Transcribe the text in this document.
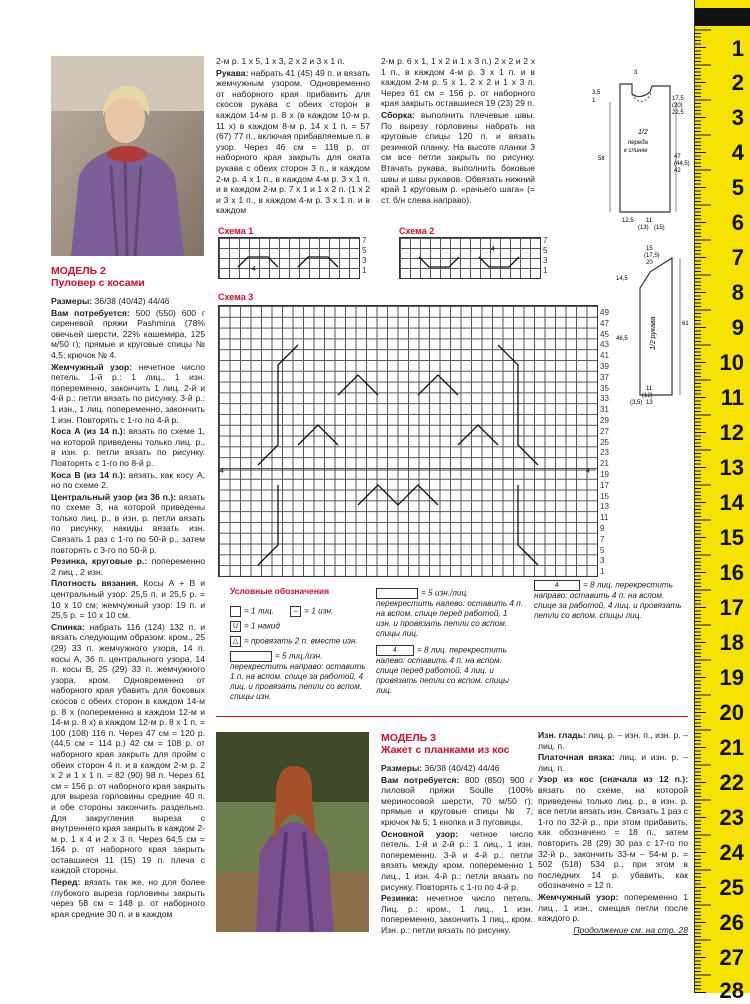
1
2
3
4
5
6
7
8
9
10
11
12
13
14
15
16
17
18
19
20
21
22
23
24
25
26
27
28
МОДЕЛЬ 2
Пуловер с косами

Размеры: 36/38 (40/42) 44/46

Вам потребуется: 500 (550) 600 г сиреневой пряжи Pashmina (78% овечьей шерсти, 22% кашемира, 125 м/50 г); прямые и круговые спицы № 4,5; крючок № 4.

Жемчужный узор: нечетное число петель. 1-й р.: 1 лиц., 1 изн. попеременно, закончить 1 лиц. 2-й и 4-й р.: петли вязать по рисунку. 3-й р.: 1 изн., 1 лиц. попеременно, закончить 1 изн. Повторять с 1-го по 4-й р.

Коса А (из 14 п.): вязать по схеме 1, на которой приведены только лиц. р., в изн. р. петли вязать по рисунку. Повторять с 1-го по 8-й р.

Коса В (из 14 п.): вязать, как косу А, но по схеме 2.

Центральный узор (из 36 п.): вязать по схеме 3, на которой приведены только лиц. р., в изн. р. петли вязать по рисунку, накиды вязать изн. Связать 1 раз с 1-го по 50-й р., затем повторять с 3-го по 50-й р.

Резинка, круговые р.: попеременно 2 лиц., 2 изн.

Плотность вязания. Косы А + В и центральный узор: 25,5 п. и 25,5 р. = 10 х 10 см; жемчужный узор: 19 п. и 25,5 р. = 10 х 10 см.

Спинка: набрать 116 (124) 132 п. и вязать следующим образом: кром., 25 (29) 33 п. жемчужного узора, 14 п. косы А, 36 п. центрального узора, 14 п. косы В, 25 (29) 33 п. жемчужного узора, кром. Одновременно от наборного края убавить для боковых скосов с обеих сторон в каждом 14-м р. 8 х (попеременно в каждом 12-м и 14-м р. 8 х) в каждом 12-м р. 8 х 1 п. = 100 (108) 116 п. Через 47 см = 120 р. (44,5 см = 114 р.) 42 см = 108 р. от наборного края закрыть для пройм с обеих сторон 4 п. и в каждом 2-м р. 2 х 2 и 1 х 1 п. = 82 (90) 98 п. Через 61 см = 156 р. от наборного края закрыть для выреза горловины средние 40 п. и обе стороны закончить раздельно. Для закругления выреза с внутреннего края закрыть в каждом 2-м р. 1 х 4 и 2 х 3 п. Через 64,5 см = 164 р. от наборного края закрыть оставшиеся 11 (15) 19 п. плеча с каждой стороны.

Перед: вязать так же, но для более глубокого выреза горловины закрыть через 58 см = 148 р. от наборного края средние 30 п. и в каждом

2-м р. 1 х 5, 1 х 3, 2 х 2 и 3 х 1 п.

Рукава: набрать 41 (45) 49 п. и вязать жемчужным узором. Одновременно от наборного края прибавить для скосов рукава с обеих сторон в каждом 14-м р. 8 х (в каждом 10-м р. 11 х) в каждом 8-м р. 14 х 1 п. = 57 (67) 77 п., включая прибавляемые п. в узор. Через 46 см = 118 р. от наборного края закрыть для оката рукава с обеих сторон 3 п., в каждом 2-м р. 4 х 1 п., в каждом 4-м р. 3 х 1 п. и в каждом 2-м р. 7 х 1 и 1 х 2 п. (1 х 2 и 3 х 1 п., в каждом 4-м р. 3 х 1 п. и в каждом

2-м р. 6 х 1, 1 х 2 и 1 х 3 п.) 2 х 2 и 2 х 1 п., в каждом 4-м р. 3 х 1 п. и в каждом 2-м р. 5 х 1, 2 х 2 и 1 х 3 п. Через 61 см = 156 р. от наборного края закрыть оставшиеся 19 (23) 29 п.

Сборка: выполнить плечевые швы. По вырезу горловины набрать на круговые спицы 120 п. и вязать резинкой планку. На высоте планки 3 см все петли закрыть по рисунку. Втачать рукава, выполнить боковые швы и швы рукавов. Обвязать нижний край 1 круговым р. «рачьего шага» (= ст. б/н слева направо).

3,5
1
3
17,5
(20)
22,5
58
1/2
переда
к спинке
47
(44,5)
42
12,5 11
(13) (15)
15
(17,5)
20
14,5
61
46,5	1/2 рукава
11
(12)
13
(3,5)
Схема 1
4
7
5
3
1
Схема 2
4
7
5
3
1
Схема 3
4	4
49
47
45
43
41
39
37
35
33
31
29
27
25
23
21
19
17
15
13
11
9
7
5
3
1
Условные обозначения
= 1 лиц.	– = 1 изн.
U = 1 накид
△ = провязать 2 п. вместе изн.
= 5 лиц./изн. перекрестить направо: оставить 1 п. на вспом. спице за работой, 4 лиц. и провязать петли со вспом. спицы изн.
= 5 изн./лиц. перекрестить налево: оставить 4 п. на вспом. спице перед работой, 1 изн. и провязать петли со вспом. спицы лиц.
4 = 8 лиц. перекрестить налево: оставить 4 п. на вспом. спице перед работой, 4 лиц. и провязать петли со вспом. спицы лиц.
4	= 8 лиц. перекрестить направо: оставить 4 п. на вспом. спице за работой, 4 лиц. и провязать петли со вспом. спицы лиц.
МОДЕЛЬ 3
Жакет с планками из кос

Размеры: 36/38 (40/42) 44/46

Вам потребуется: 800 (850) 900 г лиловой пряжи Soulle (100% мериносовой шерсти, 70 м/50 г); прямые и круговые спицы № 7; крючок № 5; 1 кнопка и 3 пуговицы.

Основной узор: четное число петель. 1-й и 2-й р.: 1 лиц., 1 изн. попеременно. 3-й и 4-й р.: петли вязать между кром. попеременно 1 лиц., 1 изн. 4-й р.: петли вязать по рисунку. Повторять с 1-го по 4-й р.

Резинка: нечетное число петель. Лиц. р.: кром., 1 лиц., 1 изн. попеременно, закончить 1 лиц., кром. Изн. р.: петли вязать по рисунку.

Изн. гладь: лиц. р. – изн. п., изн. р. – лиц. п.

Платочная вязка: лиц. и изн. р. – лиц. п.

Узор из кос (сначала из 12 п.): вязать по схеме, на которой приведены только лиц. р., в изн. р. все петли вязать изн. Связать 1 раз с 1-го по 32-й р., при этом прибавить, как обозначено = 18 п., затем повторить 28 (29) 30 раз с 17-го по 32-й р., закончить 33-м – 54-м р. = 502 (518) 534 р., при этом в последних 14 р. убавить, как обозначено = 12 п.

Жемчужный узор: попеременно 1 лиц., 1 изн., смещая петли после каждого р.

Продолжение см. на стр. 28
